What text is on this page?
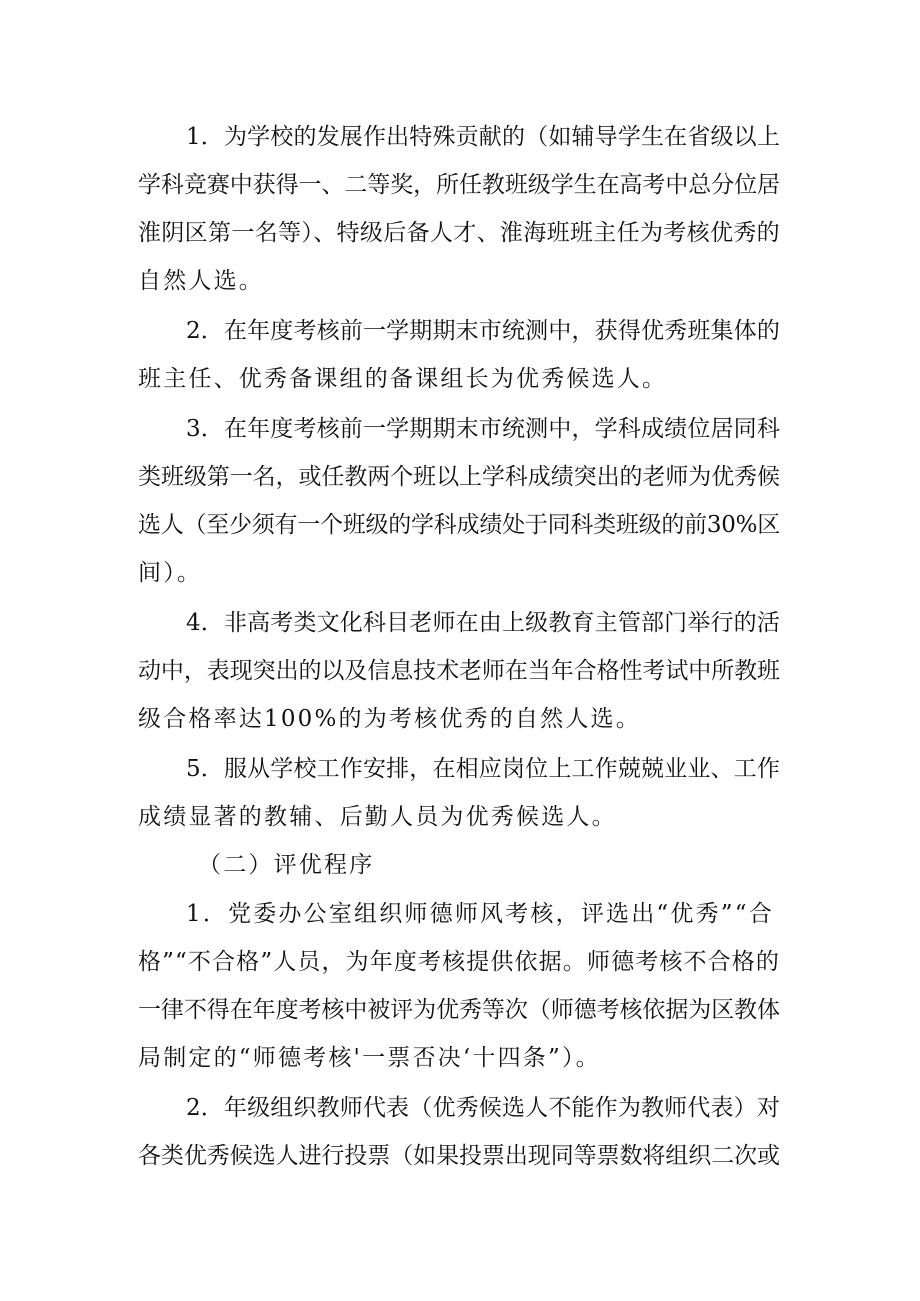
1．为学校的发展作出特殊贡献的（如辅导学生在省级以上
学科竞赛中获得一、二等奖，所任教班级学生在高考中总分位居
淮阴区第一名等）、特级后备人才、淮海班班主任为考核优秀的
自然人选。
2．在年度考核前一学期期末市统测中，获得优秀班集体的
班主任、优秀备课组的备课组长为优秀候选人。
3．在年度考核前一学期期末市统测中，学科成绩位居同科
类班级第一名，或任教两个班以上学科成绩突出的老师为优秀候
选人（至少须有一个班级的学科成绩处于同科类班级的前30%区
间）。
4．非高考类文化科目老师在由上级教育主管部门举行的活
动中，表现突出的以及信息技术老师在当年合格性考试中所教班
级合格率达100%的为考核优秀的自然人选。
5．服从学校工作安排，在相应岗位上工作兢兢业业、工作
成绩显著的教辅、后勤人员为优秀候选人。
（二）评优程序
1．党委办公室组织师德师风考核，评选出“优秀”“合
格”“不合格”人员，为年度考核提供依据。师德考核不合格的
一律不得在年度考核中被评为优秀等次（师德考核依据为区教体
局制定的“师德考核'一票否决‘十四条”）。
2．年级组织教师代表（优秀候选人不能作为教师代表）对
各类优秀候选人进行投票（如果投票出现同等票数将组织二次或
